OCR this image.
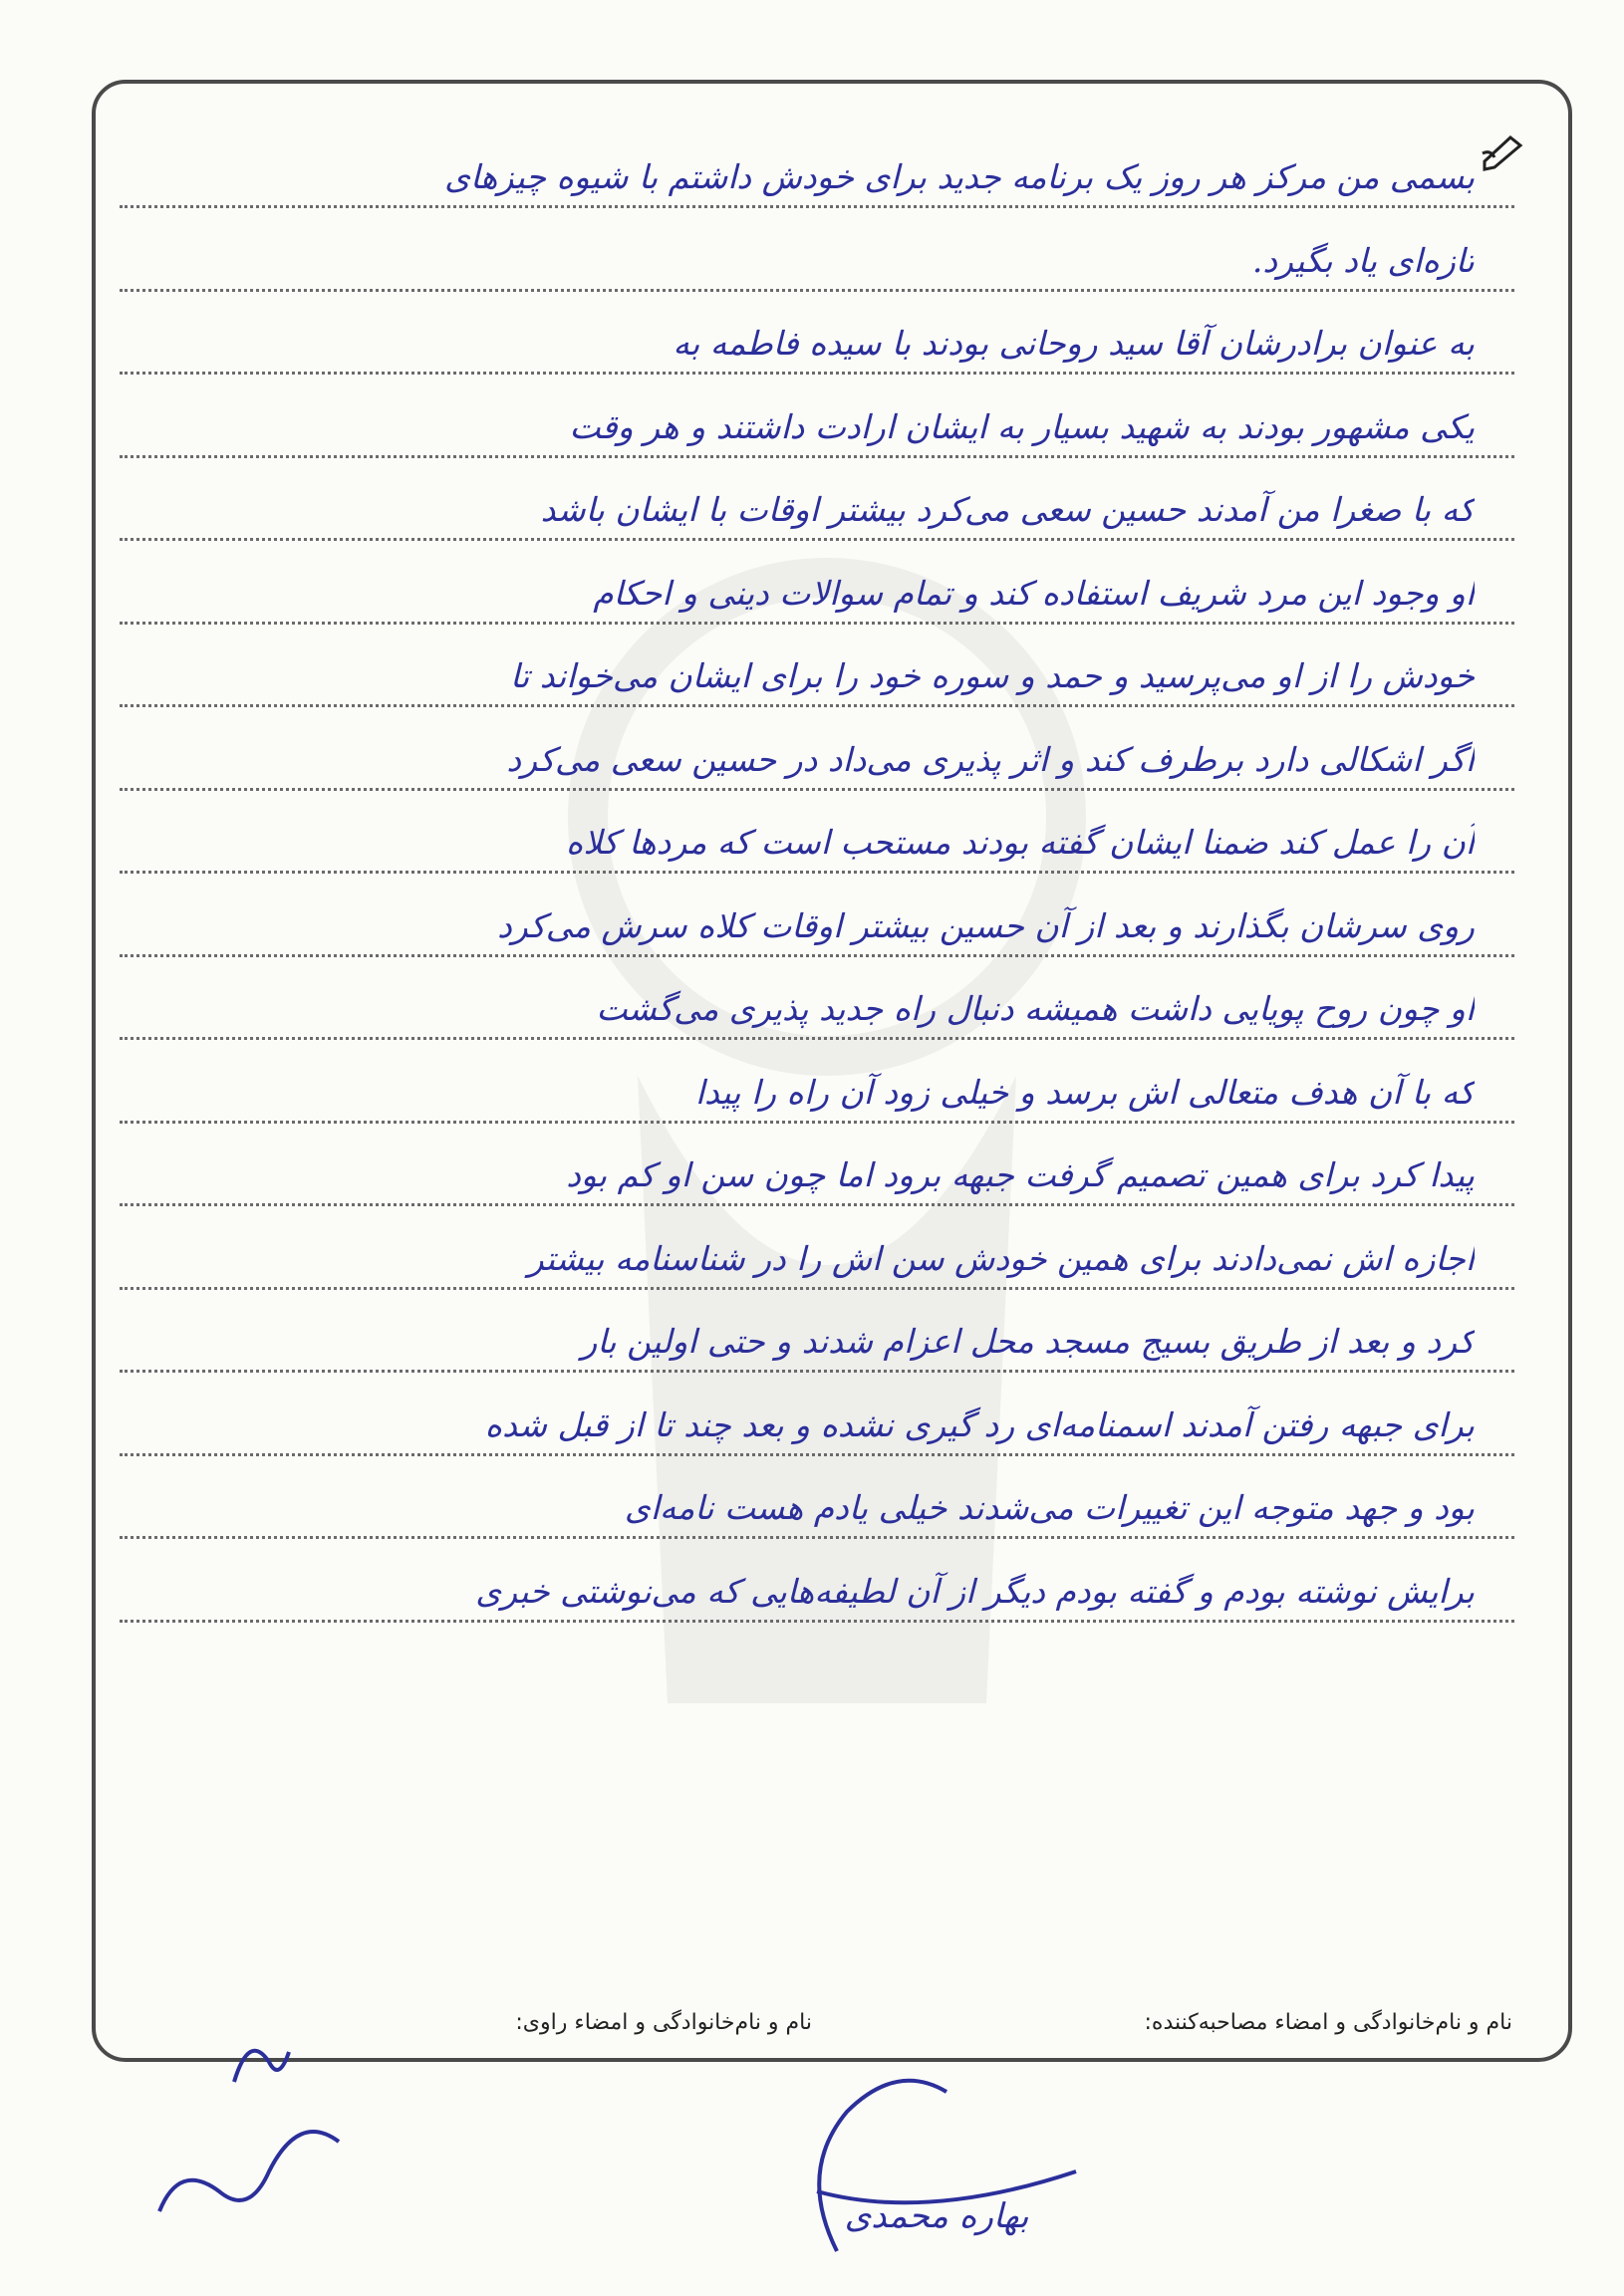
بسمی من مرکز هر روز یک برنامه جدید برای خودش داشتم با شیوه چیزهای
تازه‌ای یاد بگیرد.
به عنوان برادرشان آقا سید روحانی بودند با سیده فاطمه به
یکی مشهور بودند به شهید بسیار به ایشان ارادت داشتند و هر وقت
که با صغرا من آمدند حسین سعی می‌کرد بیشتر اوقات با ایشان باشد
او وجود این مرد شریف استفاده کند و تمام سوالات دینی و احکام
خودش را از او می‌پرسید و حمد و سوره خود را برای ایشان می‌خواند تا
اگر اشکالی دارد برطرف کند و اثر پذیری می‌داد در حسین سعی می‌کرد
آن را عمل کند ضمنا ایشان گفته بودند مستحب است که مردها کلاه
روی سرشان بگذارند و بعد از آن حسین بیشتر اوقات کلاه سرش می‌کرد
او چون روح پویایی داشت همیشه دنبال راه جدید پذیری می‌گشت
که با آن هدف متعالی اش برسد و خیلی زود آن راه را پیدا
پیدا کرد برای همین تصمیم گرفت جبهه برود اما چون سن او کم بود
اجازه اش نمی‌دادند برای همین خودش سن اش را در شناسنامه بیشتر
کرد و بعد از طریق بسیج مسجد محل اعزام شدند و حتی اولین بار
برای جبهه رفتن آمدند اسمنامه‌ای رد گیری نشده و بعد چند تا از قبل شده
بود و جهد متوجه این تغییرات می‌شدند خیلی یادم هست نامه‌ای
برایش نوشته بودم و گفته بودم دیگر از آن لطیفه‌هایی که می‌نوشتی خبری
نام و نام‌خانوادگی و امضاء مصاحبه‌کننده:
نام و نام‌خانوادگی و امضاء راوی:
بهاره محمدی
